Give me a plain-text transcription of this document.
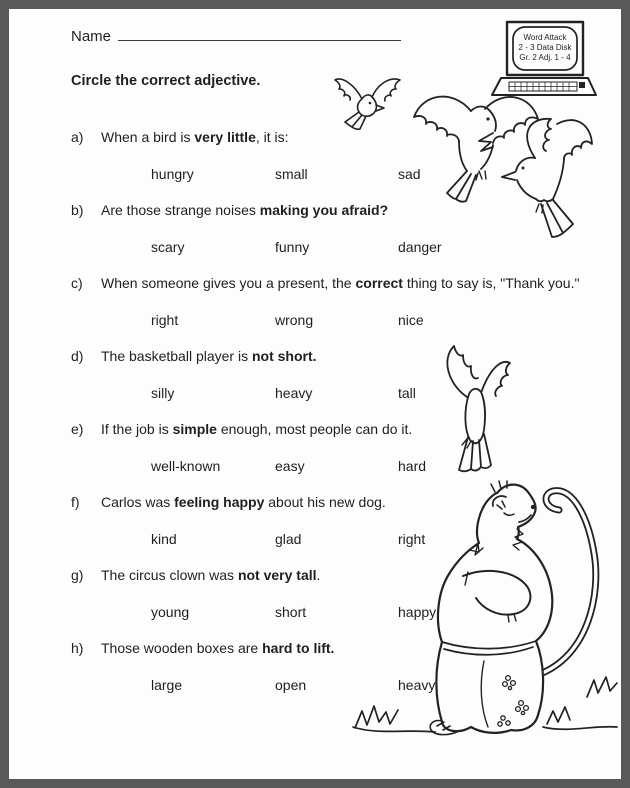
Name	Word Attack
2 - 3 Data Disk
Gr. 2 Adj. 1 - 4
Circle the correct adjective.
a) When a bird is very little, it is:
hungry	small	sad
b) Are those strange noises making you afraid?
scary	funny	danger
c) When someone gives you a present, the correct thing to say is, "Thank you."
right	wrong	nice
d) The basketball player is not short.
silly	heavy	tall
e) If the job is simple enough, most people can do it.
well-known	easy	hard
f) Carlos was feeling happy about his new dog.
kind	glad	right
g) The circus clown was not very tall.
young	short	happy
h) Those wooden boxes are hard to lift.
large	open	heavy
